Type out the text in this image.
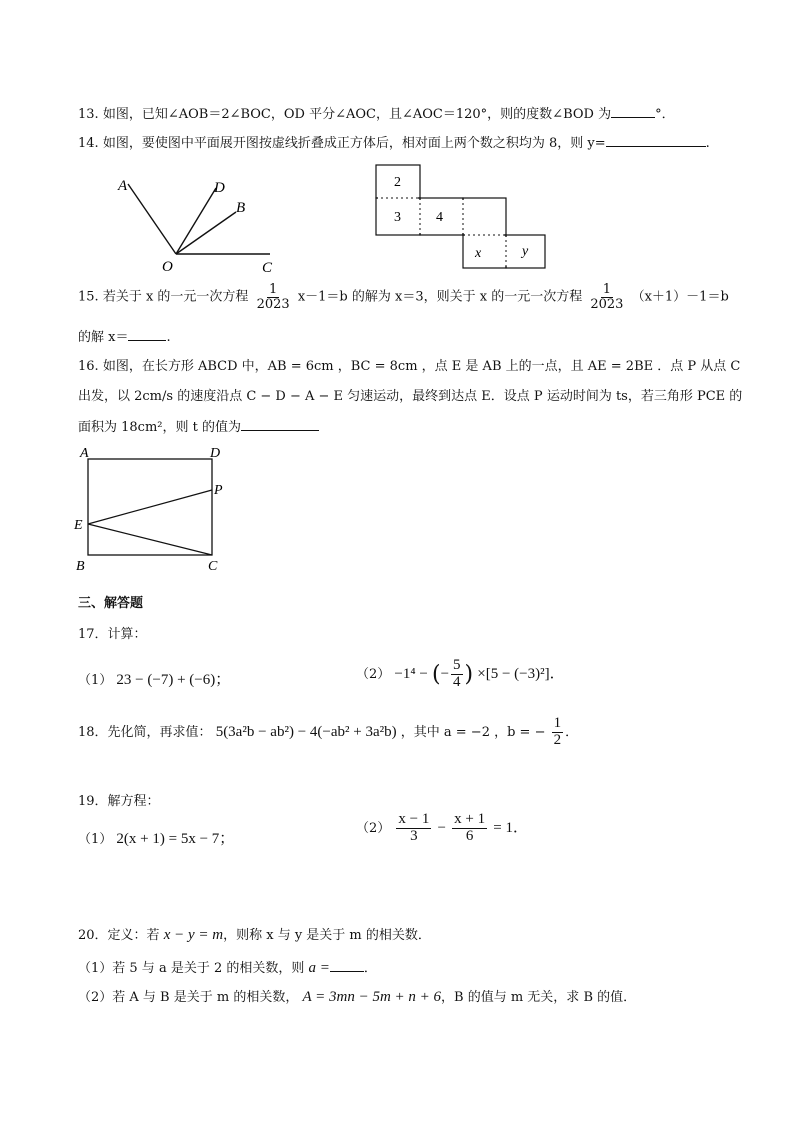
13. 如图，已知∠AOB＝2∠BOC，OD 平分∠AOC，且∠AOC＝120°，则的度数∠BOD 为	°．
14. 如图，要使图中平面展开图按虚线折叠成正方体后，相对面上两个数之积均为 8，则 y=	.
A	D
B
O	C
2
3	4
x	y
15. 若关于 x 的一元一次方程 $\frac{1}{2023} x-1=b$ 的解为 x＝3，则关于 x 的一元一次方程 $\frac{1}{2023} (x+1)-1=b$
的解 x＝	.
16. 如图，在长方形 ABCD 中，AB = 6cm ，BC = 8cm ，点 E 是 AB 上的一点，且 AE = 2BE ．点 P 从点 C
出发，以 2cm/s 的速度沿点 C − D − A − E 匀速运动，最终到达点 E．设点 P 运动时间为 ts，若三角形 PCE 的
面积为 18cm²，则 t 的值为
A	D
P
E
B	C
三、解答题
17．计算：
（1） 23 − (−7) + (−6)；	（2） −1⁴ − (− $\frac{5}{4}$ ) ×[5 − (−3)²]．
18．先化简，再求值： 5(3a²b − ab²) − 4(−ab² + 3a²b) ，其中 a = −2 ，b = − $\frac{1}{2}$ ．
19．解方程：
（1） 2(x + 1) = 5x − 7；
$(2) \frac{x - 1}{3} - \frac{x + 1}{6} = 1$．
20．定义：若 x − y = m，则称 x 与 y 是关于 m 的相关数．
（1）若 5 与 a 是关于 2 的相关数，则 a =	．
（2）若 A 与 B 是关于 m 的相关数， A = 3mn − 5m + n + 6，B 的值与 m 无关，求 B 的值．
